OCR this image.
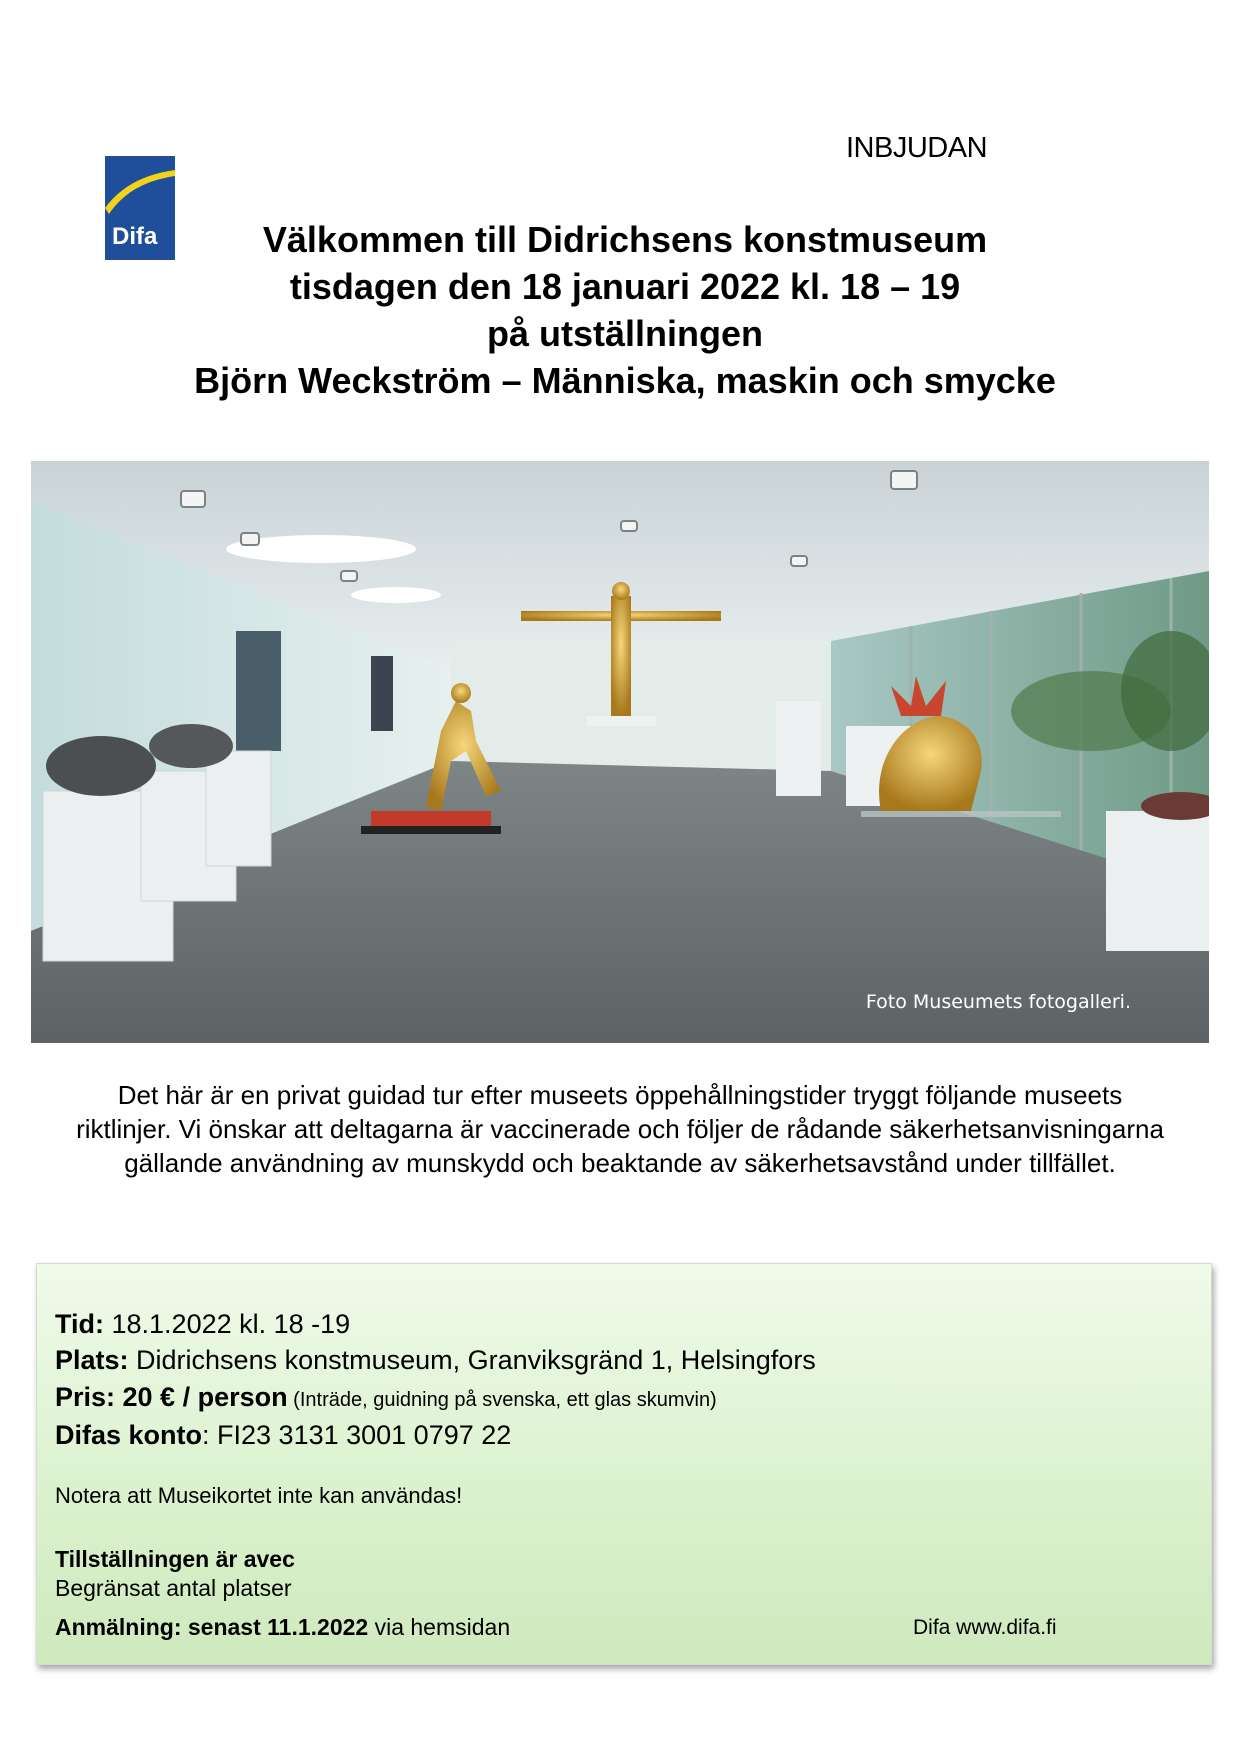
INBJUDAN
Difa	Välkommen till Didrichsens konstmuseum
tisdagen den 18 januari 2022 kl. 18 – 19
på utställningen
Björn Weckström – Människa, maskin och smycke
Foto Museumets fotogalleri.
Det här är en privat guidad tur efter museets öppehållningstider tryggt följande museets riktlinjer. Vi önskar att deltagarna är vaccinerade och följer de rådande säkerhetsanvisningarna gällande användning av munskydd och beaktande av säkerhetsavstånd under tillfället.
Tid: 18.1.2022 kl. 18 -19
Plats: Didrichsens konstmuseum, Granviksgränd 1, Helsingfors
Pris: 20 € / person (Inträde, guidning på svenska, ett glas skumvin)
Difas konto: FI23 3131 3001 0797 22
Notera att Museikortet inte kan användas!
Tillställningen är avec
Begränsat antal platser
Anmälning: senast 11.1.2022 via hemsidan	Difa www.difa.fi
